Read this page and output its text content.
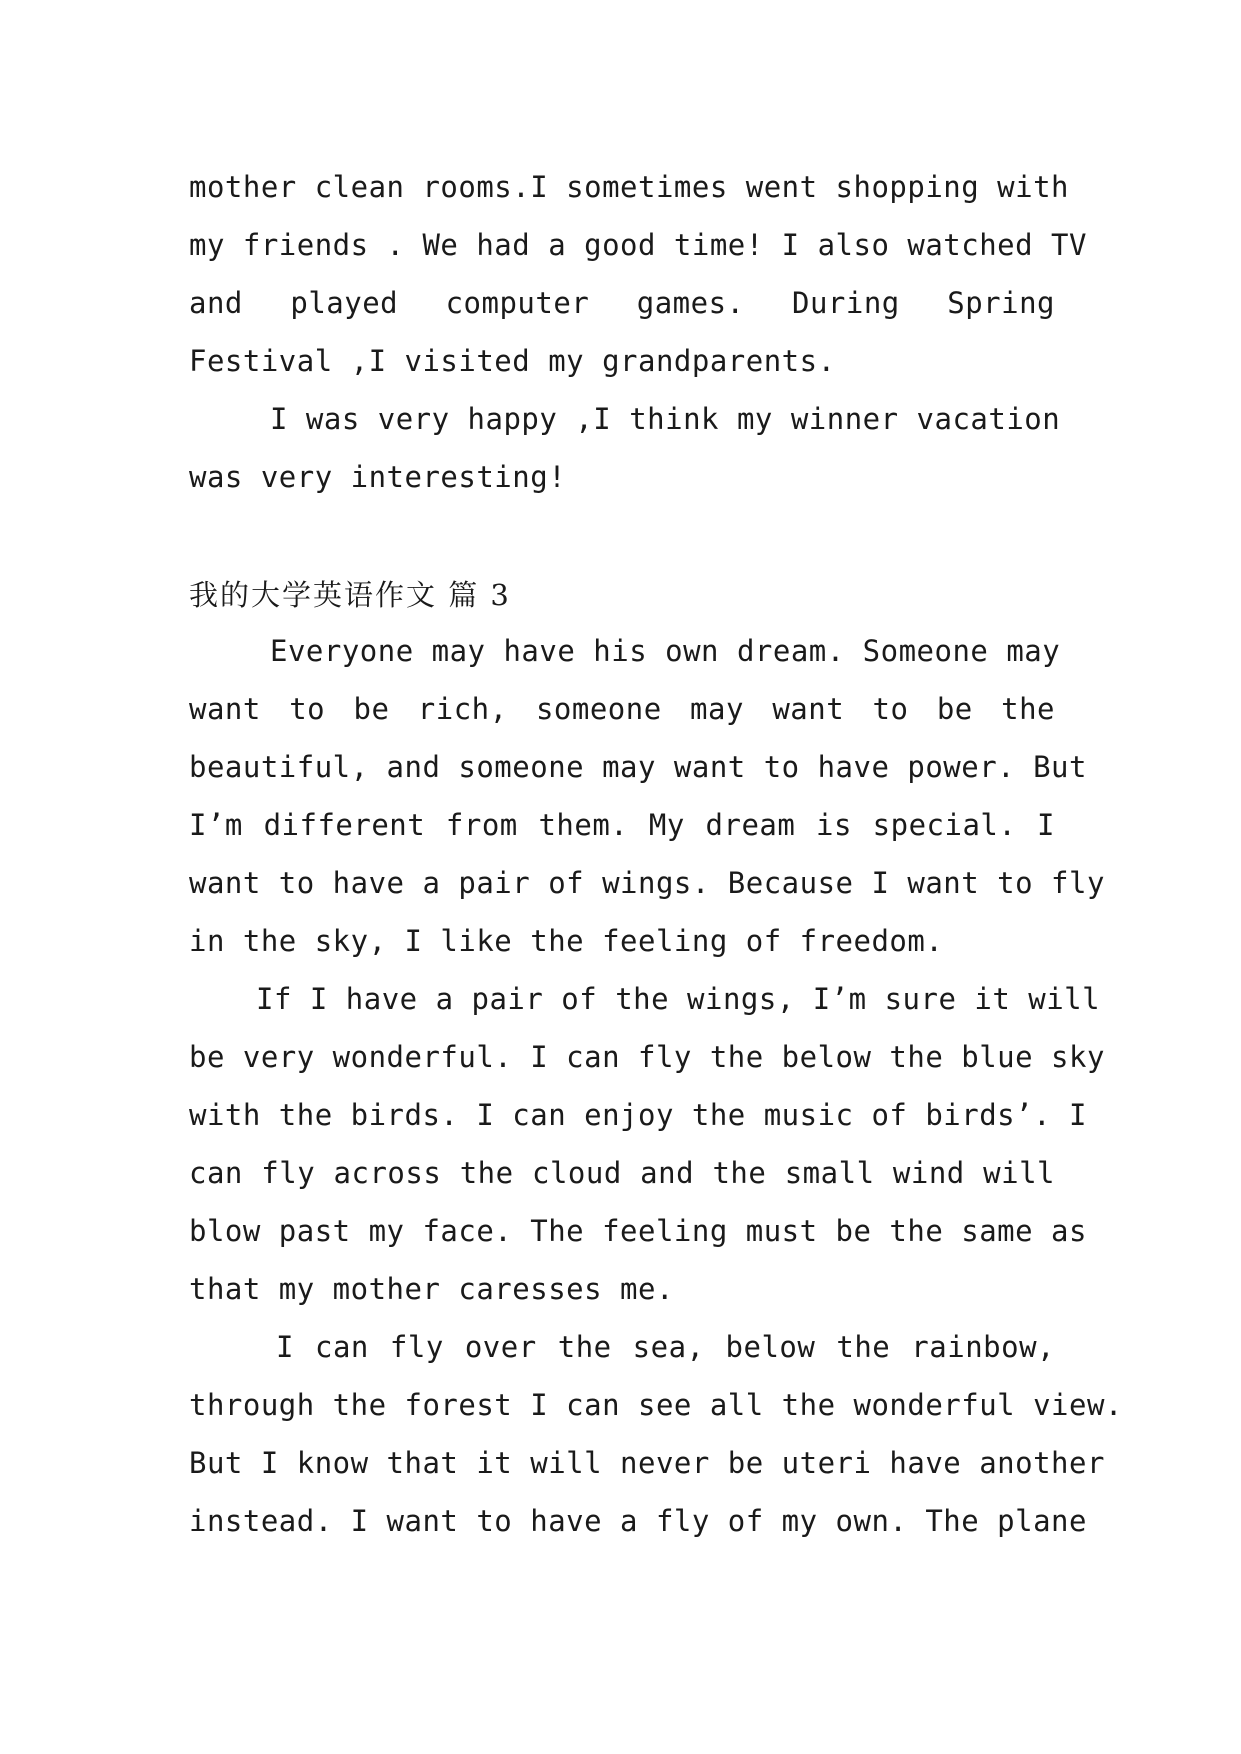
mother clean rooms.I sometimes went shopping with
my friends . We had a good time! I also watched TV
and played computer games. During Spring
Festival ,I visited my grandparents.
I was very happy ,I think my winner vacation
was very interesting!
我的大学英语作文 篇 3
Everyone may have his own dream. Someone may
want to be rich, someone may want to be the
beautiful, and someone may want to have power. But
I’m different from them. My dream is special. I
want to have a pair of wings. Because I want to fly
in the sky, I like the feeling of freedom.
If I have a pair of the wings, I’m sure it will
be very wonderful. I can fly the below the blue sky
with the birds. I can enjoy the music of birds’. I
can fly across the cloud and the small wind will
blow past my face. The feeling must be the same as
that my mother caresses me.
I can fly over the sea, below the rainbow,
through the forest I can see all the wonderful view.
But I know that it will never be uteri have another
instead. I want to have a fly of my own. The plane
